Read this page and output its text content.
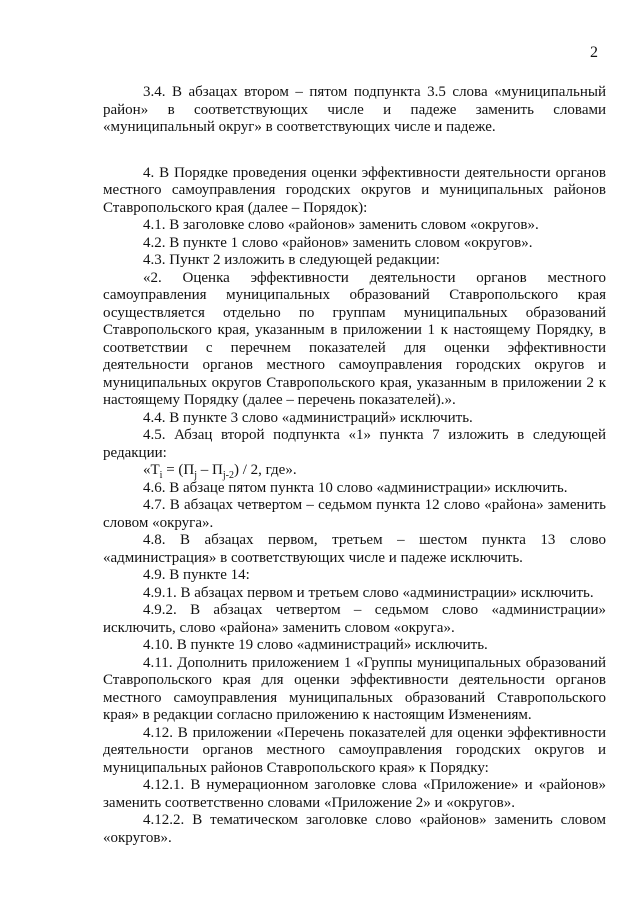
2

3.4. В абзацах втором – пятом подпункта 3.5 слова «муниципальный район» в соответствующих числе и падеже заменить словами «муниципальный округ» в соответствующих числе и падеже.

4. В Порядке проведения оценки эффективности деятельности органов местного самоуправления городских округов и муниципальных районов Ставропольского края (далее – Порядок):

4.1. В заголовке слово «районов» заменить словом «округов».

4.2. В пункте 1 слово «районов» заменить словом «округов».

4.3. Пункт 2 изложить в следующей редакции:

«2. Оценка эффективности деятельности органов местного самоуправления муниципальных образований Ставропольского края осуществляется отдельно по группам муниципальных образований Ставропольского края, указанным в приложении 1 к настоящему Порядку, в соответствии с перечнем показателей для оценки эффективности деятельности органов местного самоуправления городских округов и муниципальных округов Ставропольского края, указанным в приложении 2 к настоящему Порядку (далее – перечень показателей).».

4.4. В пункте 3 слово «администраций» исключить.

4.5. Абзац второй подпункта «1» пункта 7 изложить в следующей редакции:

«$T_i = (П_j - П_{j-2}) / 2$, где».

4.6. В абзаце пятом пункта 10 слово «администрации» исключить.

4.7. В абзацах четвертом – седьмом пункта 12 слово «района» заменить словом «округа».

4.8. В абзацах первом, третьем – шестом пункта 13 слово «администрация» в соответствующих числе и падеже исключить.

4.9. В пункте 14:

4.9.1. В абзацах первом и третьем слово «администрации» исключить.

4.9.2. В абзацах четвертом – седьмом слово «администрации» исключить, слово «района» заменить словом «округа».

4.10. В пункте 19 слово «администраций» исключить.

4.11. Дополнить приложением 1 «Группы муниципальных образований Ставропольского края для оценки эффективности деятельности органов местного самоуправления муниципальных образований Ставропольского края» в редакции согласно приложению к настоящим Изменениям.

4.12. В приложении «Перечень показателей для оценки эффективности деятельности органов местного самоуправления городских округов и муниципальных районов Ставропольского края» к Порядку:

4.12.1. В нумерационном заголовке слова «Приложение» и «районов» заменить соответственно словами «Приложение 2» и «округов».

4.12.2. В тематическом заголовке слово «районов» заменить словом «округов».
